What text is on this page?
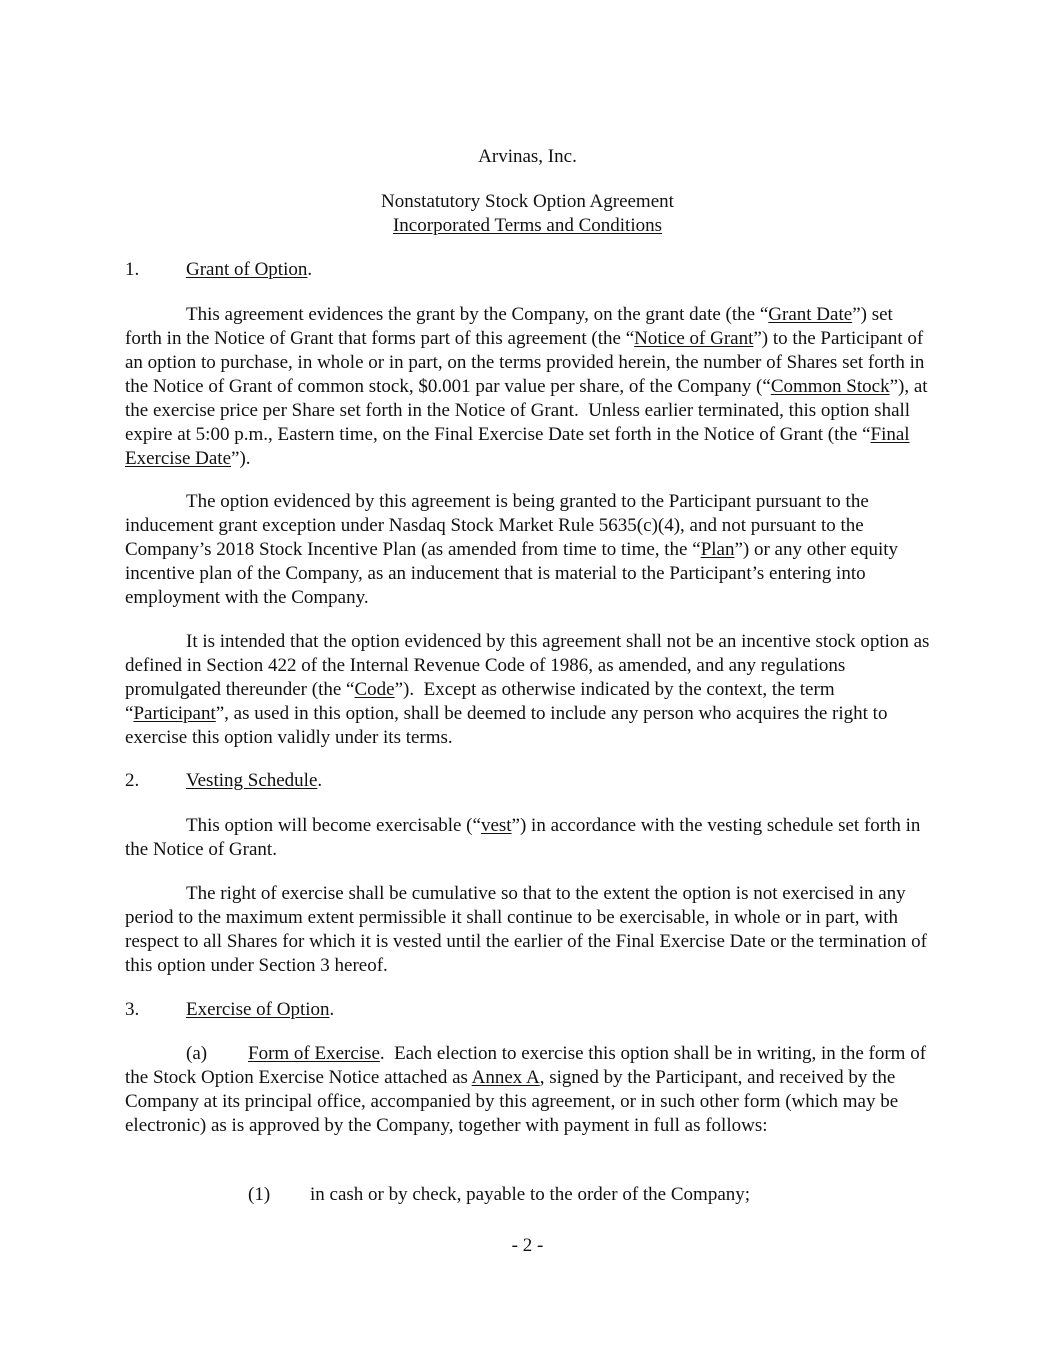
Arvinas, Inc.
Nonstatutory Stock Option Agreement
Incorporated Terms and Conditions
1. Grant of Option.

This agreement evidences the grant by the Company, on the grant date (the “Grant Date”) set forth in the Notice of Grant that forms part of this agreement (the “Notice of Grant”) to the Participant of an option to purchase, in whole or in part, on the terms provided herein, the number of Shares set forth in the Notice of Grant of common stock, $0.001 par value per share, of the Company (“Common Stock”), at the exercise price per Share set forth in the Notice of Grant.  Unless earlier terminated, this option shall expire at 5:00 p.m., Eastern time, on the Final Exercise Date set forth in the Notice of Grant (the “Final Exercise Date”).

The option evidenced by this agreement is being granted to the Participant pursuant to the inducement grant exception under Nasdaq Stock Market Rule 5635(c)(4), and not pursuant to the Company’s 2018 Stock Incentive Plan (as amended from time to time, the “Plan”) or any other equity incentive plan of the Company, as an inducement that is material to the Participant’s entering into employment with the Company.

It is intended that the option evidenced by this agreement shall not be an incentive stock option as defined in Section 422 of the Internal Revenue Code of 1986, as amended, and any regulations promulgated thereunder (the “Code”).  Except as otherwise indicated by the context, the term “Participant”, as used in this option, shall be deemed to include any person who acquires the right to exercise this option validly under its terms.

2. Vesting Schedule.

This option will become exercisable (“vest”) in accordance with the vesting schedule set forth in the Notice of Grant.

The right of exercise shall be cumulative so that to the extent the option is not exercised in any period to the maximum extent permissible it shall continue to be exercisable, in whole or in part, with respect to all Shares for which it is vested until the earlier of the Final Exercise Date or the termination of this option under Section 3 hereof.

3. Exercise of Option.

(a) Form of Exercise.  Each election to exercise this option shall be in writing, in the form of the Stock Option Exercise Notice attached as Annex A, signed by the Participant, and received by the Company at its principal office, accompanied by this agreement, or in such other form (which may be electronic) as is approved by the Company, together with payment in full as follows:

(1) in cash or by check, payable to the order of the Company;
- 2 -
